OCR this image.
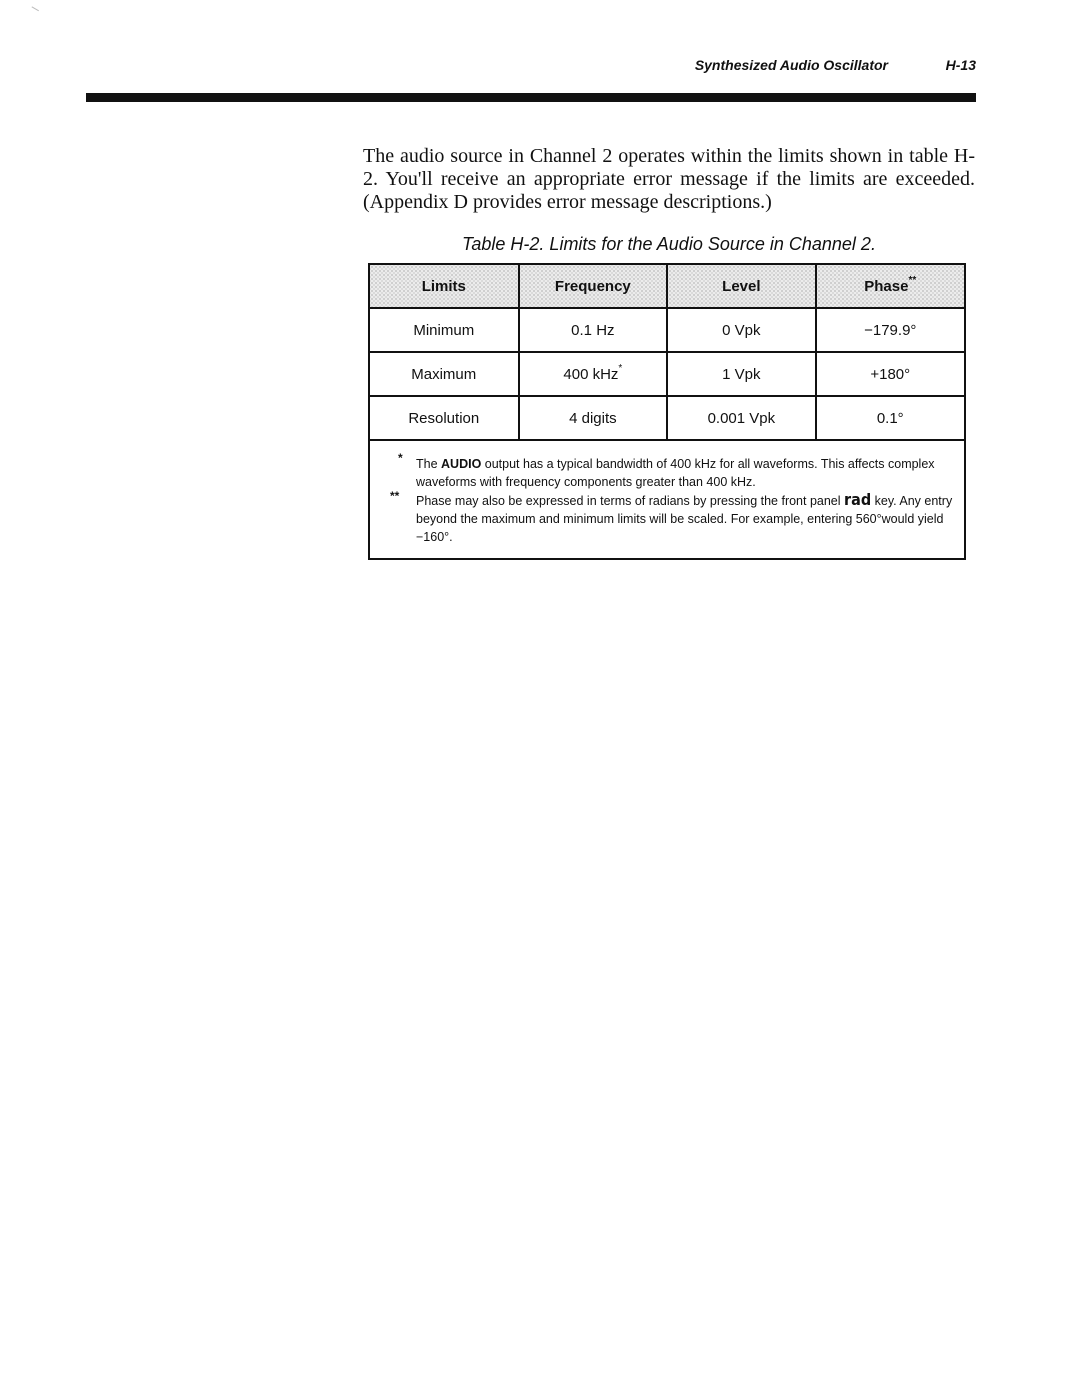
Synthesized Audio Oscillator	H-13

The audio source in Channel 2 operates within the limits shown in table H-2. You'll receive an appropriate error message if the limits are exceeded. (Appendix D provides error message descriptions.)

Table H-2. Limits for the Audio Source in Channel 2.
Limits	Frequency	Level	Phase**
Minimum	0.1 Hz	0 Vpk	−179.9°
Maximum	400 kHz*	1 Vpk	+180°
Resolution	4 digits	0.001 Vpk	0.1°

* The AUDIO output has a typical bandwidth of 400 kHz for all waveforms. This affects complex waveforms with frequency components greater than 400 kHz.
** Phase may also be expressed in terms of radians by pressing the front panel rad key. Any entry beyond the maximum and minimum limits will be scaled. For example, entering 560°would yield −160°.			
